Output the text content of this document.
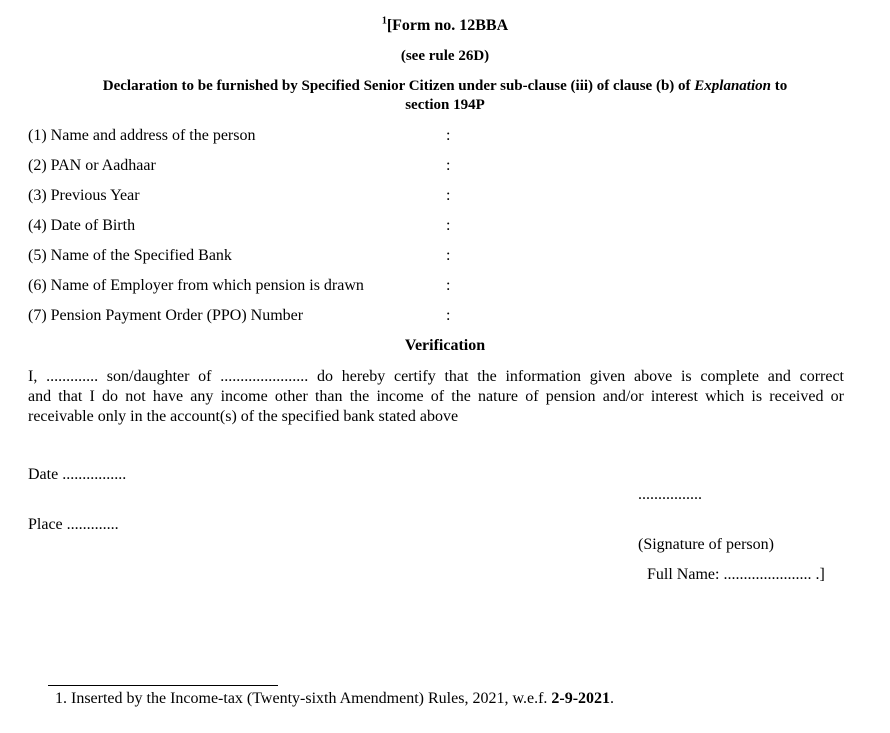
$^1$[Form no. 12BBA
(see rule 26D)
Declaration to be furnished by Specified Senior Citizen under sub-clause (iii) of clause (b) of Explanation to
section 194P
(1) Name and address of the person	:
(2) PAN or Aadhaar	:
(3) Previous Year	:
(4) Date of Birth	:
(5) Name of the Specified Bank	:
(6) Name of Employer from which pension is drawn	:
(7) Pension Payment Order (PPO) Number	:
Verification
I, ............. son/daughter of ...................... do hereby certify that the information given above is complete and correct
and that I do not have any income other than the income of the nature of pension and/or interest which is received or
receivable only in the account(s) of the specified bank stated above
Date ................
................
Place .............
(Signature of person)
Full Name: ...................... .]
1. Inserted by the Income-tax (Twenty-sixth Amendment) Rules, 2021, w.e.f. 2-9-2021.
